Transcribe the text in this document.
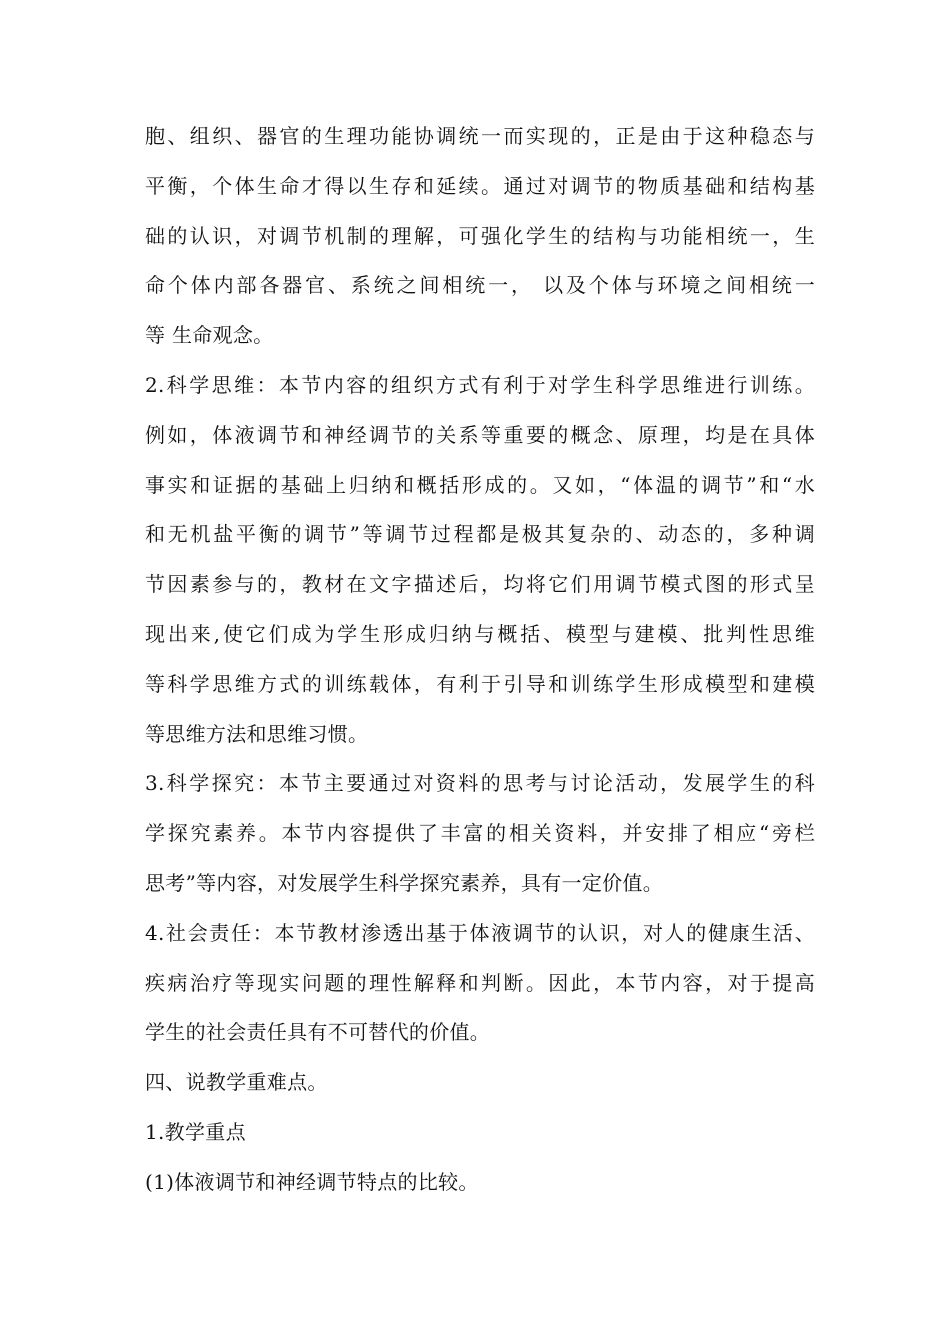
胞、组织、器官的生理功能协调统一而实现的，正是由于这种稳态与
平衡，个体生命才得以生存和延续。通过对调节的物质基础和结构基
础的认识，对调节机制的理解，可强化学生的结构与功能相统一，生
命个体内部各器官、系统之间相统一， 以及个体与环境之间相统一
等 生命观念。
2.科学思维：本节内容的组织方式有利于对学生科学思维进行训练。
例如，体液调节和神经调节的关系等重要的概念、原理，均是在具体
事实和证据的基础上归纳和概括形成的。又如，“体温的调节”和“水
和无机盐平衡的调节”等调节过程都是极其复杂的、动态的，多种调
节因素参与的，教材在文字描述后，均将它们用调节模式图的形式呈
现出来,使它们成为学生形成归纳与概括、模型与建模、批判性思维
等科学思维方式的训练载体，有利于引导和训练学生形成模型和建模
等思维方法和思维习惯。
3.科学探究：本节主要通过对资料的思考与讨论活动，发展学生的科
学探究素养。本节内容提供了丰富的相关资料，并安排了相应“旁栏
思考”等内容，对发展学生科学探究素养，具有一定价值。
4.社会责任：本节教材渗透出基于体液调节的认识，对人的健康生活、
疾病治疗等现实问题的理性解释和判断。因此，本节内容，对于提高
学生的社会责任具有不可替代的价值。
四、说教学重难点。
1.教学重点
(1)体液调节和神经调节特点的比较。
